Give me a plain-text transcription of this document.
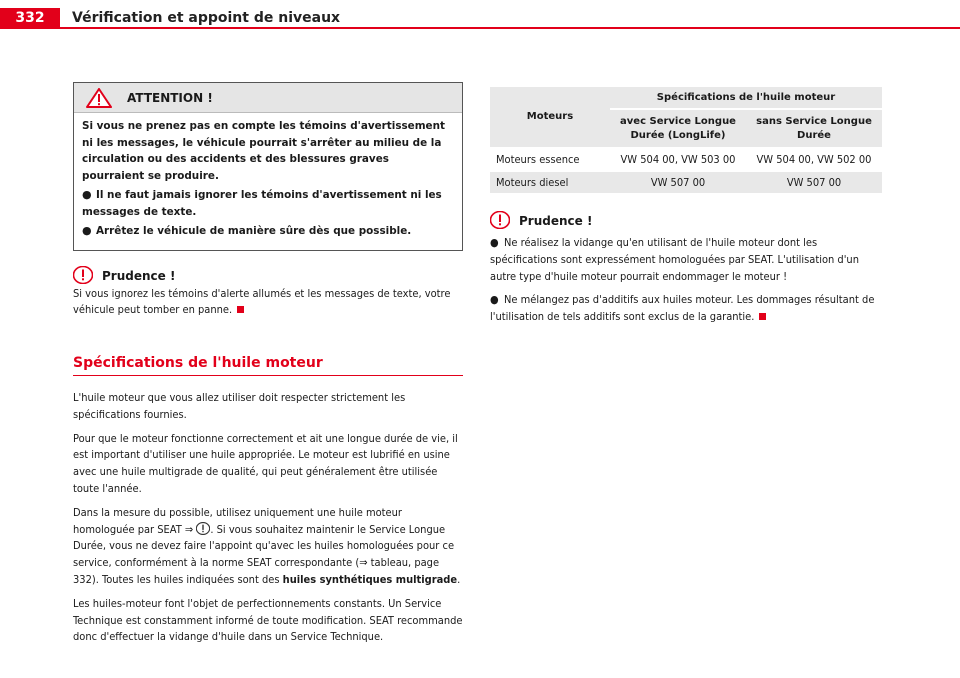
332	Vérification et appoint de niveaux
ATTENTION !

Si vous ne prenez pas en compte les témoins d'avertissement ni les messages, le véhicule pourrait s'arrêter au milieu de la circulation ou des accidents et des blessures graves pourraient se produire.

● Il ne faut jamais ignorer les témoins d'avertissement ni les messages de texte.

● Arrêtez le véhicule de manière sûre dès que possible.

Prudence !

Si vous ignorez les témoins d'alerte allumés et les messages de texte, votre véhicule peut tomber en panne.

Spécifications de l'huile moteur

L'huile moteur que vous allez utiliser doit respecter strictement les spécifications fournies.

Pour que le moteur fonctionne correctement et ait une longue durée de vie, il est important d'utiliser une huile appropriée. Le moteur est lubrifié en usine avec une huile multigrade de qualité, qui peut généralement être utilisée toute l'année.

Dans la mesure du possible, utilisez uniquement une huile moteur homologuée par SEAT ⇒ . Si vous souhaitez maintenir le Service Longue Durée, vous ne devez faire l'appoint qu'avec les huiles homologuées pour ce service, conformément à la norme SEAT correspondante (⇒ tableau, page 332). Toutes les huiles indiquées sont des huiles synthétiques multigrade.

Les huiles-moteur font l'objet de perfectionnements constants. Un Service Technique est constamment informé de toute modification. SEAT recommande donc d'effectuer la vidange d'huile dans un Service Technique.

Moteurs	Spécifications de l'huile moteur	
	avec Service Longue Durée (LongLife)	sans Service Longue Durée
Moteurs essence	VW 504 00, VW 503 00	VW 504 00, VW 502 00
Moteurs diesel	VW 507 00	VW 507 00
Prudence !

● Ne réalisez la vidange qu'en utilisant de l'huile moteur dont les spécifications sont expressément homologuées par SEAT. L'utilisation d'un autre type d'huile moteur pourrait endommager le moteur !

● Ne mélangez pas d'additifs aux huiles moteur. Les dommages résultant de l'utilisation de tels additifs sont exclus de la garantie.
